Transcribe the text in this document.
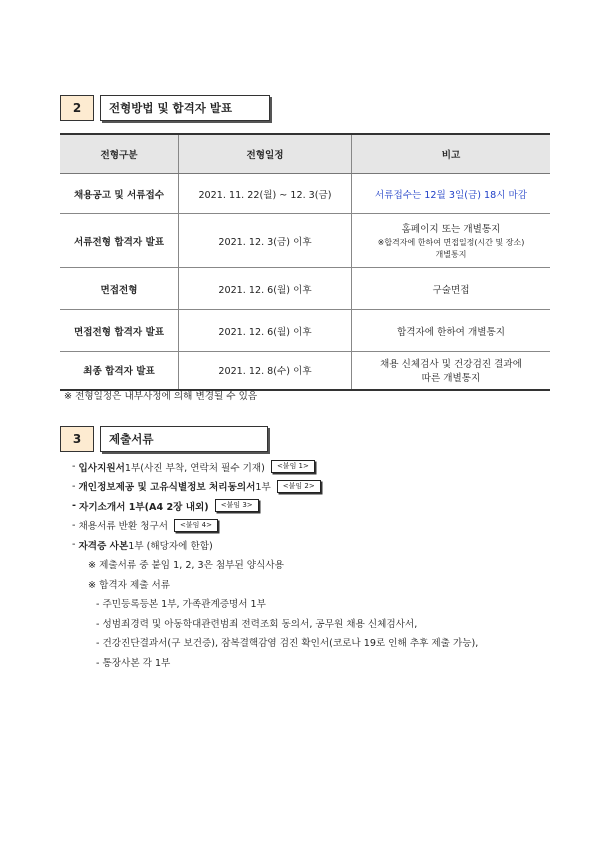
2	전형방법 및 합격자 발표
전형구분	전형일정	비고
채용공고 및 서류접수	2021. 11. 22(월) ~ 12. 3(금)	서류접수는 12월 3일(금) 18시 마감
서류전형 합격자 발표	2021. 12. 3(금) 이후	홈페이지 또는 개별통지
※합격자에 한하여 면접일정(시간 및 장소)
개별통지

면접전형	2021. 12. 6(월) 이후	구술면접
면접전형 합격자 발표	2021. 12. 6(월) 이후	합격자에 한하여 개별통지
최종 합격자 발표	2021. 12. 8(수) 이후	채용 신체검사 및 건강검진 결과에
따른 개별통지
※ 전형일정은 내부사정에 의해 변경될 수 있음
3	제출서류
-
입사지원서 1부(사진 부착, 연락처 필수 기재)	<붙임 1>
-
개인정보제공 및 고유식별정보 처리동의서 1부	<붙임 2>
-
자기소개서 1부(A4 2장 내외)	<붙임 3>
-
채용서류 반환 청구서	<붙임 4>
-
자격증 사본 1부 (해당자에 한함)
※ 제출서류 중 붙임 1, 2, 3은 첨부된 양식사용
※ 합격자 제출 서류
- 주민등록등본 1부, 가족관계증명서 1부
- 성범죄경력 및 아동학대관련범죄 전력조회 동의서, 공무원 채용 신체검사서,
- 건강진단결과서(구 보건증), 잠복결핵감염 검진 확인서(코로나 19로 인해 추후 제출 가능),
- 통장사본 각 1부
